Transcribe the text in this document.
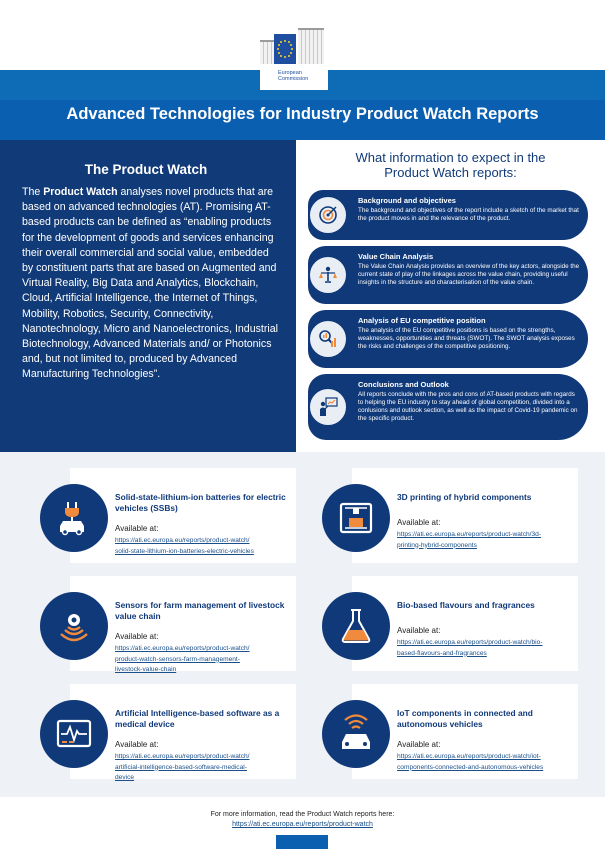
European
Commission
Advanced Technologies for Industry Product Watch Reports
The Product Watch

The Product Watch analyses novel products that are based on advanced technologies (AT). Promising AT-based products can be defined as “enabling products for the development of goods and services enhancing their overall commercial and social value, embedded by constituent parts that are based on Augmented and Virtual Reality, Big Data and Analytics, Blockchain, Cloud, Artificial Intelligence, the Internet of Things, Mobility, Robotics, Security, Connectivity, Nanotechnology, Micro and Nanoelectronics, Industrial Biotechnology, Advanced Materials and/ or Photonics and, but not limited to, produced by Advanced Manufacturing Technologies”.

What information to expect in the
Product Watch reports:
Background and objectives
The background and objectives of the report include a sketch of the market that the product moves in and the relevance of the product.
Value Chain Analysis
The Value Chain Analysis provides an overview of the key actors, alongside the current state of play of the linkages across the value chain, providing useful insights in the structure and characterisation of the value chain.
Analysis of EU competitive position
The analysis of the EU competitive positions is based on the strengths, weaknesses, opportunities and threats (SWOT). The SWOT analysis exposes the risks and challenges of the competitive positioning.
Conclusions and Outlook
All reports conclude with the pros and cons of AT-based products with regards to helping the EU industry to stay ahead of global competition, divided into a conlusions and outlook section, as well as the impact of Covid-19 pandemic on the specific product.
Solid-state-lithium-ion batteries for electric vehicles (SSBs)
Available at:
https://ati.ec.europa.eu/reports/product-watch/
solid-state-lithium-ion-batteries-electric-vehicles
3D printing of hybrid components
Available at:
https://ati.ec.europa.eu/reports/product-watch/3d-
printing-hybrid-components
Sensors for farm management of livestock value chain
Available at:
https://ati.ec.europa.eu/reports/product-watch/
product-watch-sensors-farm-management-
livestock-value-chain
Bio-based flavours and fragrances
Available at:
https://ati.ec.europa.eu/reports/product-watch/bio-
based-flavours-and-fragrances
Artificial Intelligence-based software as a medical device
Available at:
https://ati.ec.europa.eu/reports/product-watch/
artificial-intelligence-based-software-medical-
device
IoT components in connected and autonomous vehicles
Available at:
https://ati.ec.europa.eu/reports/product-watch/iot-
components-connected-and-autonomous-vehicles
For more information, read the Product Watch reports here:
https://ati.ec.europa.eu/reports/product-watch
